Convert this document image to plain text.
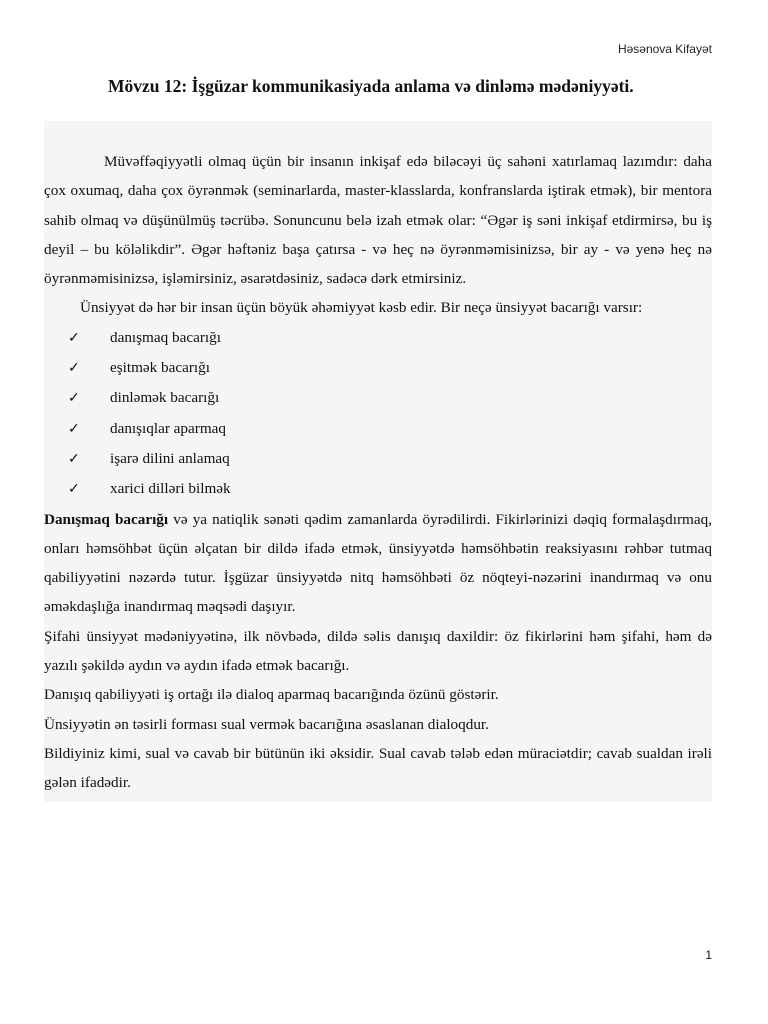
Həsənova Kifayət
Mövzu 12: İşgüzar kommunikasiyada anlama və dinləmə mədəniyyəti.

Müvəffəqiyyətli olmaq üçün bir insanın inkişaf edə biləcəyi üç sahəni xatırlamaq lazımdır: daha çox oxumaq, daha çox öyrənmək (seminarlarda, master-klasslarda, konfranslarda iştirak etmək), bir mentora sahib olmaq və düşünülmüş təcrübə. Sonuncunu belə izah etmək olar: “Əgər iş səni inkişaf etdirmirsə, bu iş deyil – bu köləlikdir”. Əgər həftəniz başa çatırsa - və heç nə öyrənməmisinizsə, bir ay - və yenə heç nə öyrənməmisinizsə, işləmirsiniz, əsarətdəsiniz, sadəcə dərk etmirsiniz.

Ünsiyyət də hər bir insan üçün böyük əhəmiyyət kəsb edir. Bir neçə ünsiyyət bacarığı varsır:

✓	danışmaq bacarığı
✓	eşitmək bacarığı
✓	dinləmək bacarığı
✓	danışıqlar aparmaq
✓	işarə dilini anlamaq
✓	xarici dilləri bilmək

Danışmaq bacarığı və ya natiqlik sənəti qədim zamanlarda öyrədilirdi. Fikirlərinizi dəqiq formalaşdırmaq, onları həmsöhbət üçün əlçatan bir dildə ifadə etmək, ünsiyyətdə həmsöhbətin reaksiyasını rəhbər tutmaq qabiliyyətini nəzərdə tutur. İşgüzar ünsiyyətdə nitq həmsöhbəti öz nöqteyi-nəzərini inandırmaq və onu əməkdaşlığa inandırmaq məqsədi daşıyır.

Şifahi ünsiyyət mədəniyyətinə, ilk növbədə, dildə səlis danışıq daxildir: öz fikirlərini həm şifahi, həm də yazılı şəkildə aydın və aydın ifadə etmək bacarığı.

Danışıq qabiliyyəti iş ortağı ilə dialoq aparmaq bacarığında özünü göstərir.

Ünsiyyətin ən təsirli forması sual vermək bacarığına əsaslanan dialoqdur.

Bildiyiniz kimi, sual və cavab bir bütünün iki əksidir. Sual cavab tələb edən müraciətdir; cavab sualdan irəli gələn ifadədir.

1
